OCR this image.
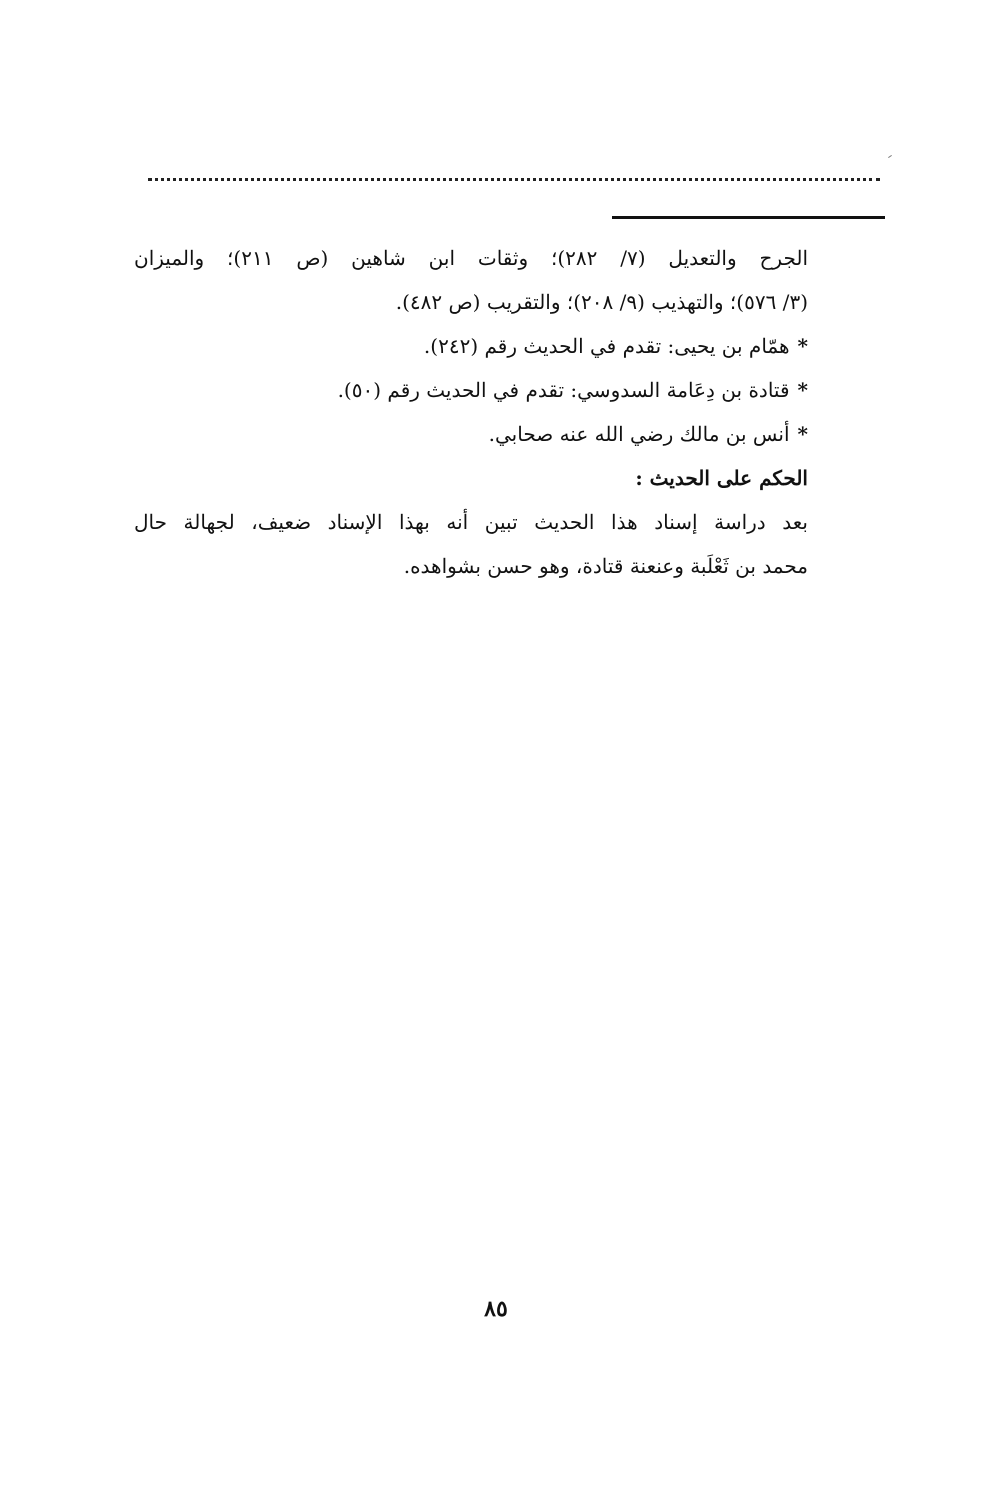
الجرح والتعديل (٧/ ٢٨٢)؛ وثقات ابن شاهين (ص ٢١١)؛ والميزان
(٣/ ٥٧٦)؛ والتهذيب (٩/ ٢٠٨)؛ والتقريب (ص ٤٨٢).
*همّام بن يحيى: تقدم في الحديث رقم (٢٤٢).
*قتادة بن دِعَامة السدوسي: تقدم في الحديث رقم (٥٠).
*أنس بن مالك رضي الله عنه صحابي.
الحكم على الحديث :
بعد دراسة إسناد هذا الحديث تبين أنه بهذا الإسناد ضعيف، لجهالة حال
محمد بن ثَعْلَبة وعنعنة قتادة، وهو حسن بشواهده.
٨٥
